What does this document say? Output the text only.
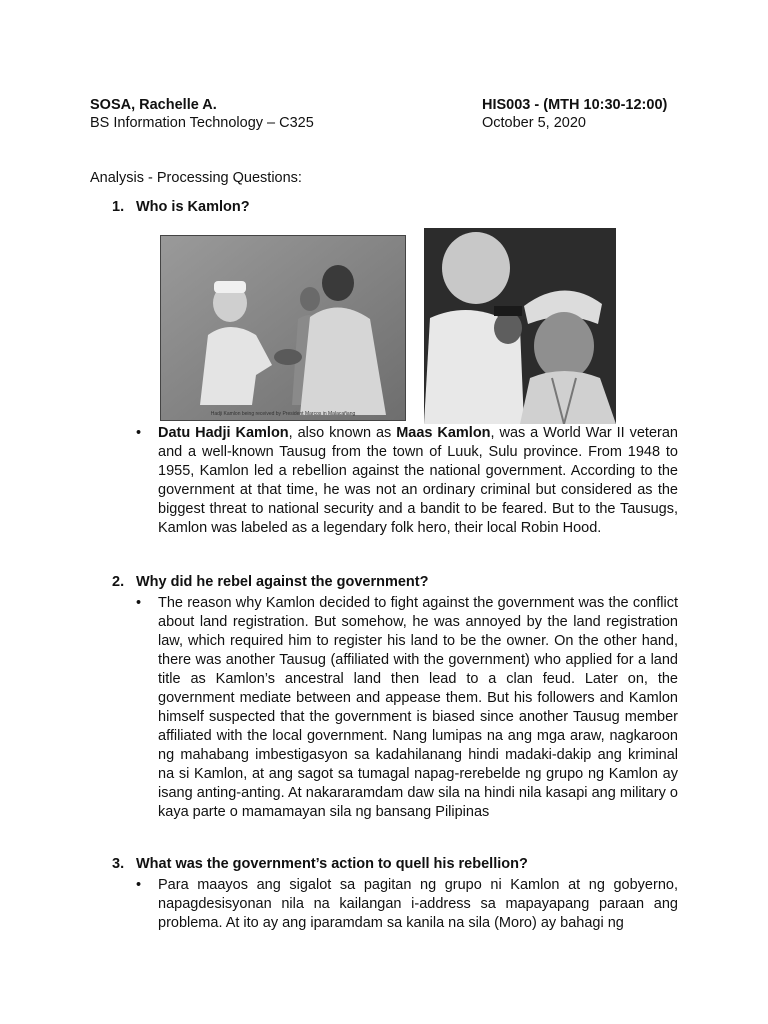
SOSA, Rachelle A.
BS Information Technology – C325
HIS003 - (MTH 10:30-12:00)
October 5, 2020
Analysis - Processing Questions:
1. Who is Kamlon?
Hadji Kamlon being received by President Marcos in Malacañang
• Datu Hadji Kamlon, also known as Maas Kamlon, was a World War II veteran and a well-known Tausug from the town of Luuk, Sulu province. From 1948 to 1955, Kamlon led a rebellion against the national government. According to the government at that time, he was not an ordinary criminal but considered as the biggest threat to national security and a bandit to be feared. But to the Tausugs, Kamlon was labeled as a legendary folk hero, their local Robin Hood.

2. Why did he rebel against the government?
• The reason why Kamlon decided to fight against the government was the conflict about land registration. But somehow, he was annoyed by the land registration law, which required him to register his land to be the owner. On the other hand, there was another Tausug (affiliated with the government) who applied for a land title as Kamlon’s ancestral land then lead to a clan feud. Later on, the government mediate between and appease them. But his followers and Kamlon himself suspected that the government is biased since another Tausug member affiliated with the local government. Nang lumipas na ang mga araw, nagkaroon ng mahabang imbestigasyon sa kadahilanang hindi madaki-dakip ang kriminal na si Kamlon, at ang sagot sa tumagal napag-rerebelde ng grupo ng Kamlon ay isang anting-anting. At nakararamdam daw sila na hindi nila kasapi ang military o kaya parte o mamamayan sila ng bansang Pilipinas

3. What was the government’s action to quell his rebellion?
• Para maayos ang sigalot sa pagitan ng grupo ni Kamlon at ng gobyerno, napagdesisyonan nila na kailangan i-address sa mapayapang paraan ang problema. At ito ay ang iparamdam sa kanila na sila (Moro) ay bahagi ng
